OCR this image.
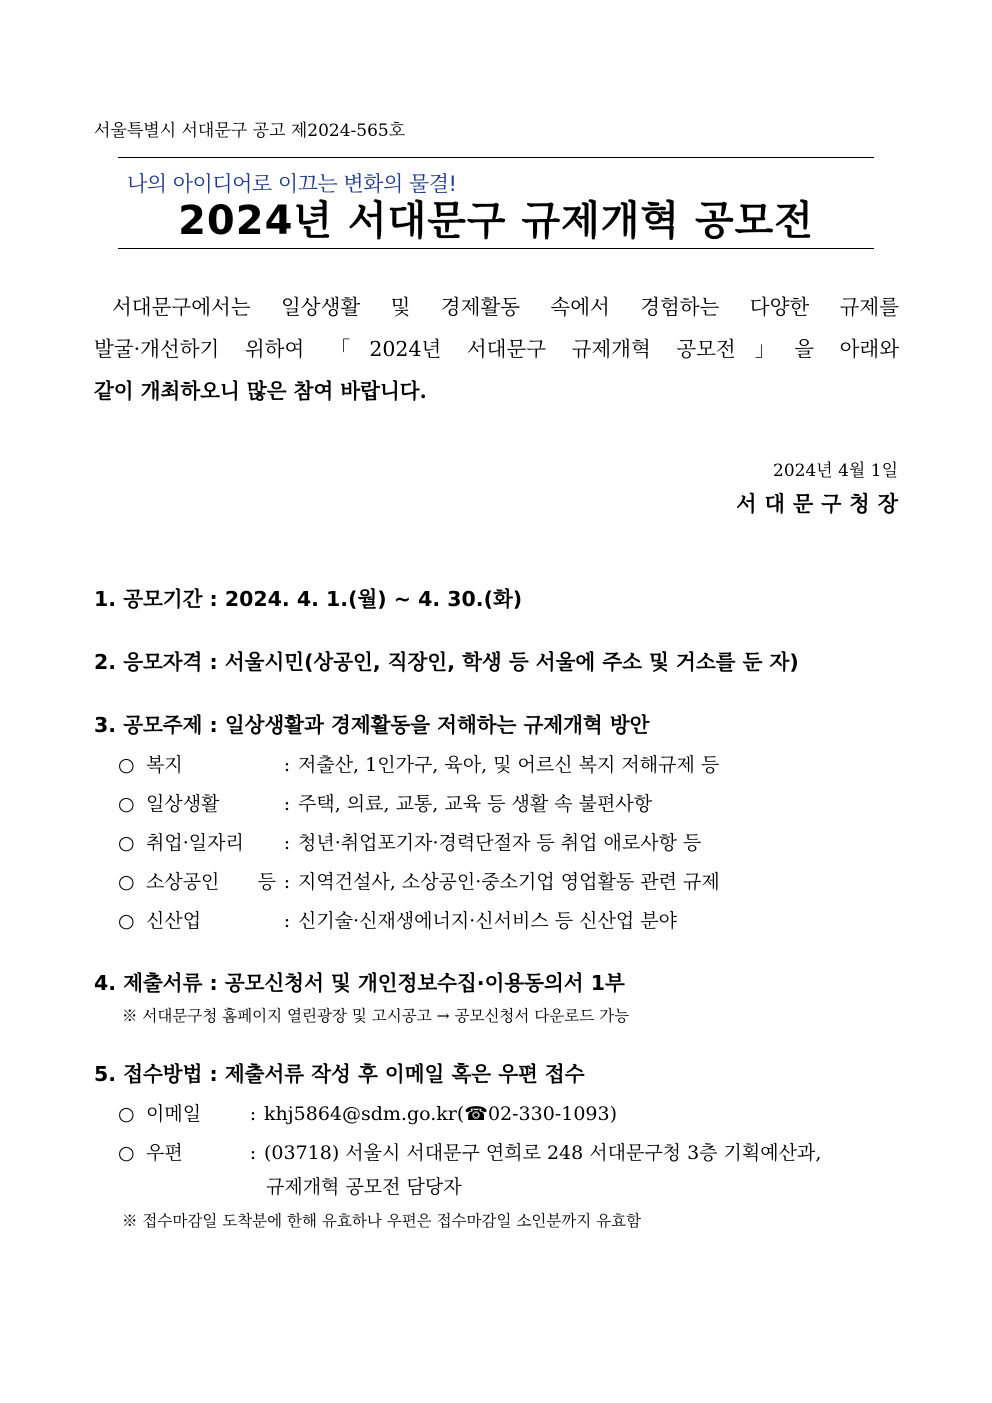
서울특별시 서대문구 공고 제2024-565호
나의 아이디어로 이끄는 변화의 물결!
2024년 서대문구 규제개혁 공모전
서대문구에서는 일상생활 및 경제활동 속에서 경험하는 다양한 규제를
발굴·개선하기 위하여 「2024년 서대문구 규제개혁 공모전」을 아래와
같이 개최하오니 많은 참여 바랍니다.
2024년 4월 1일
서대문구청장
1. 공모기간 : 2024. 4. 1.(월) ~ 4. 30.(화)
2. 응모자격 : 서울시민(상공인, 직장인, 학생 등 서울에 주소 및 거소를 둔 자)
3. 공모주제 : 일상생활과 경제활동을 저해하는 규제개혁 방안
○ 복지	: 저출산, 1인가구, 육아, 및 어르신 복지 저해규제 등
○ 일상생활	: 주택, 의료, 교통, 교육 등 생활 속 불편사항
○ 취업·일자리	: 청년·취업포기자·경력단절자 등 취업 애로사항 등
○ 소상공인 등 : 지역건설사, 소상공인·중소기업 영업활동 관련 규제
○ 신산업	: 신기술·신재생에너지·신서비스 등 신산업 분야
4. 제출서류 : 공모신청서 및 개인정보수집·이용동의서 1부
※ 서대문구청 홈페이지 열린광장 및 고시공고 → 공모신청서 다운로드 가능
5. 접수방법 : 제출서류 작성 후 이메일 혹은 우편 접수
○ 이메일	: khj5864@sdm.go.kr(☎02-330-1093)
○ 우편	: (03718) 서울시 서대문구 연희로 248 서대문구청 3층 기획예산과,
규제개혁 공모전 담당자
※ 접수마감일 도착분에 한해 유효하나 우편은 접수마감일 소인분까지 유효함
